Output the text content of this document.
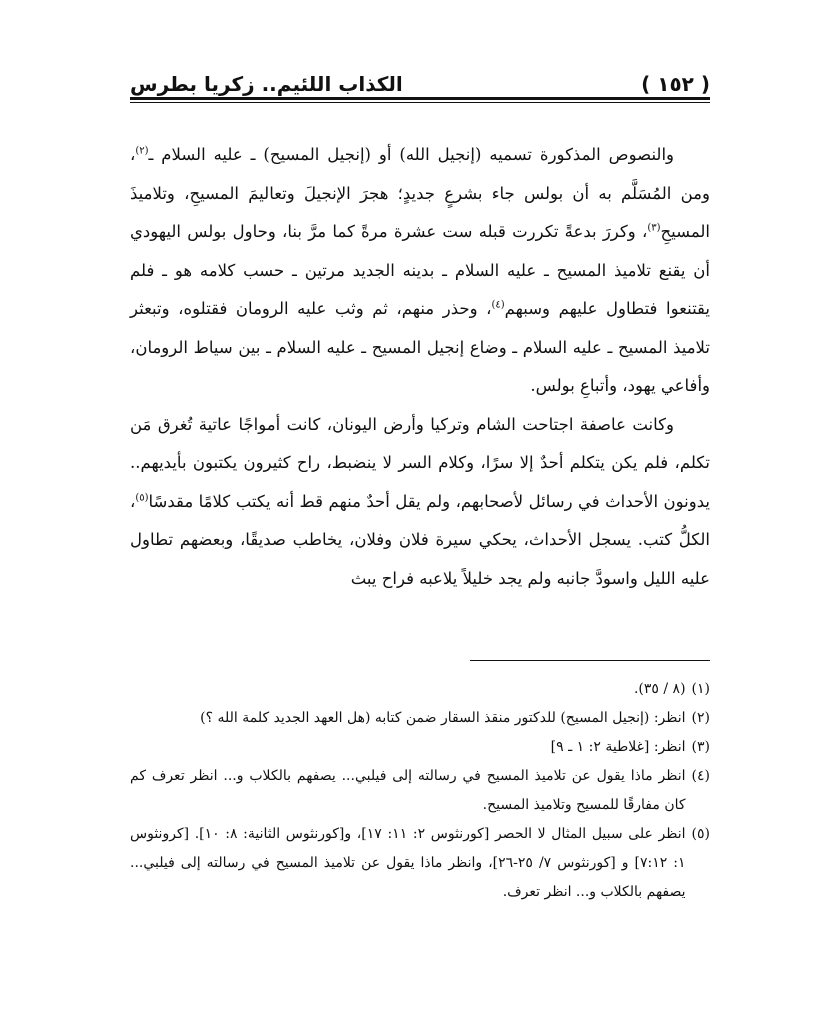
( ١٥٢ )
الكذاب اللئيم.. زكريا بطرس

والنصوص المذكورة تسميه (إنجيل الله) أو (إنجيل المسيح) ـ عليه السلام ـ$^{(٢)}$، ومن المُسَلَّم به أن بولس جاء بشرعٍ جديدٍ؛ هجرَ الإنجيلَ وتعاليمَ المسيحِ، وتلاميذَ المسيحِ$^{(٣)}$، وكررَ بدعةً تكررت قبله ست عشرة مرةً كما مرَّ بنا، وحاول بولس اليهودي أن يقنع تلاميذ المسيح ـ عليه السلام ـ بدينه الجديد مرتين ـ حسب كلامه هو ـ فلم يقتنعوا فتطاول عليهم وسبهم$^{(٤)}$، وحذر منهم، ثم وثب عليه الرومان فقتلوه، وتبعثر تلاميذ المسيح ـ عليه السلام ـ وضاع إنجيل المسيح ـ عليه السلام ـ بين سياط الرومان، وأفاعي يهود، وأتباعِ بولس.

وكانت عاصفة اجتاحت الشام وتركيا وأرض اليونان، كانت أمواجًا عاتية تُغرق مَن تكلم، فلم يكن يتكلم أحدٌ إلا سرًا، وكلام السر لا ينضبط، راح كثيرون يكتبون بأيديهم.. يدونون الأحداث في رسائل لأصحابهم، ولم يقل أحدٌ منهم قط أنه يكتب كلامًا مقدسًا$^{(٥)}$، الكلُّ كتب. يسجل الأحداث، يحكي سيرة فلان وفلان، يخاطب صديقًا، وبعضهم تطاول عليه الليل واسودَّ جانبه ولم يجد خليلاً يلاعبه فراح يبث

(١)
(٨ / ٣٥).
(٢)
انظر: (إنجيل المسيح) للدكتور منقذ السقار ضمن كتابه (هل العهد الجديد كلمة الله ؟)
(٣)
انظر: [غلاطية ٢: ١ ـ ٩]
(٤)
انظر ماذا يقول عن تلاميذ المسيح في رسالته إلى فيلبي... يصفهم بالكلاب و... انظر تعرف كم كان مفارقًا للمسيح وتلاميذ المسيح.
(٥)
انظر على سبيل المثال لا الحصر [كورنثوس ٢: ١١: ١٧]، و[كورنثوس الثانية: ٨: ١٠]. [كرونثوس ١: ٧:١٢] و [كورنثوس ٧/ ٢٥-٢٦]، وانظر ماذا يقول عن تلاميذ المسيح في رسالته إلى فيلبي... يصفهم بالكلاب و... انظر تعرف.
